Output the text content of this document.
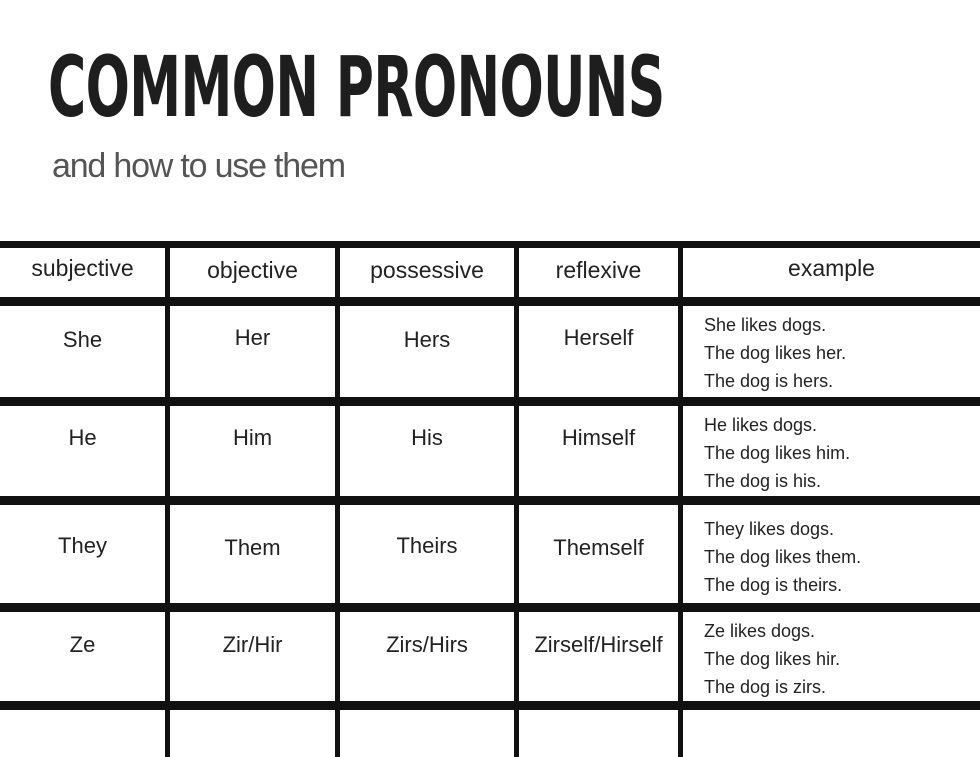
COMMON PRONOUNS
and how to use them
subjective	objective	possessive	reflexive	example
She	Her	Hers	Herself	She likes dogs.
The dog likes her.
The dog is hers.
He	Him	His	Himself	He likes dogs.
The dog likes him.
The dog is his.
They	Them	Theirs	Themself
They likes dogs.
The dog likes them.
The dog is theirs.
Ze	Zir/Hir	Zirs/Hirs	Zirself/Hirself
Ze likes dogs.
The dog likes hir.
The dog is zirs.
